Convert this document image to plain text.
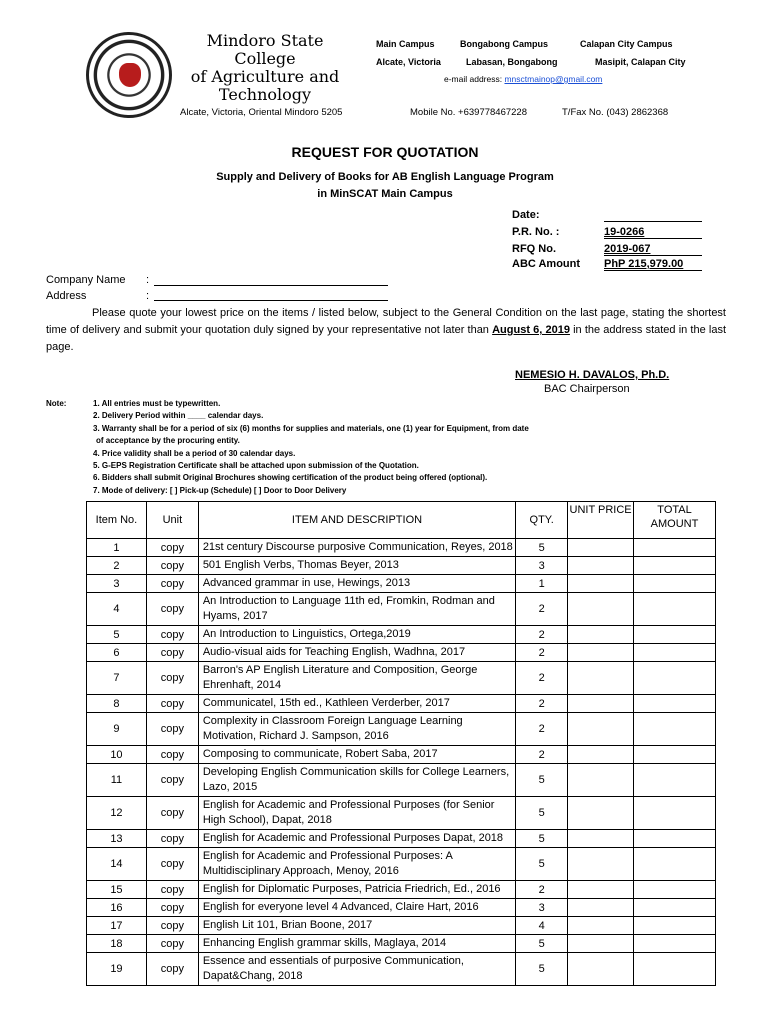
Mindoro State College
of Agriculture and
Technology
Main Campus	Bongabong Campus	Calapan City Campus
Alcate, Victoria	Labasan, Bongabong	Masipit, Calapan City
e-mail address: mnsctmainop@gmail.com
Alcate, Victoria, Oriental Mindoro 5205	Mobile No. +639778467228	T/Fax No. (043) 2862368
REQUEST FOR QUOTATION
Supply and Delivery of Books for AB English Language Program
in MinSCAT Main Campus
Date:
P.R. No. :	19-0266
RFQ No.	2019-067
ABC Amount PhP 215,979.00
Company Name :
Address	:
Please quote your lowest price on the items / listed below, subject to the General Condition on the last page, stating the shortest time of delivery and submit your quotation duly signed by your representative not later than August 6, 2019 in the address stated in the last page.
NEMESIO H. DAVALOS, Ph.D.
BAC Chairperson
Note:	1. All entries must be typewritten.
2. Delivery Period within ____ calendar days.
3. Warranty shall be for a period of six (6) months for supplies and materials, one (1) year for Equipment, from date
of acceptance by the procuring entity.
4. Price validity shall be a period of 30 calendar days.
5. G-EPS Registration Certificate shall be attached upon submission of the Quotation.
6. Bidders shall submit Original Brochures showing certification of the product being offered (optional).
7. Mode of delivery: [ ] Pick-up (Schedule) [ ] Door to Door Delivery
Item No.	Unit	ITEM AND DESCRIPTION	QTY.	UNIT PRICE	TOTAL AMOUNT
1	copy	21st century Discourse purposive Communication, Reyes, 2018	5		
2	copy	501 English Verbs, Thomas Beyer, 2013	3		
3	copy	Advanced grammar in use, Hewings, 2013	1		
4	copy	An Introduction to Language 11th ed, Fromkin, Rodman and Hyams, 2017	2		
5	copy	An Introduction to Linguistics, Ortega,2019	2		
6	copy	Audio-visual aids for Teaching English, Wadhna, 2017	2		
7	copy	Barron's AP English Literature and Composition, George Ehrenhaft, 2014	2		
8	copy	Communicatel, 15th ed., Kathleen Verderber, 2017	2		
9	copy	Complexity in Classroom Foreign Language Learning Motivation, Richard J. Sampson, 2016	2		
10	copy	Composing to communicate, Robert Saba, 2017	2		
11	copy	Developing English Communication skills for College Learners, Lazo, 2015	5		
12	copy	English for Academic and Professional Purposes (for Senior High School), Dapat, 2018	5		
13	copy	English for Academic and Professional Purposes Dapat, 2018	5		
14	copy	English for Academic and Professional Purposes: A Multidisciplinary Approach, Menoy, 2016	5		
15	copy	English for Diplomatic Purposes, Patricia Friedrich, Ed., 2016	2		
16	copy	English for everyone level 4 Advanced, Claire Hart, 2016	3		
17	copy	English Lit 101, Brian Boone, 2017	4		
18	copy	Enhancing English grammar skills, Maglaya, 2014	5		
19	copy	Essence and essentials of purposive Communication, Dapat&Chang, 2018	5		
